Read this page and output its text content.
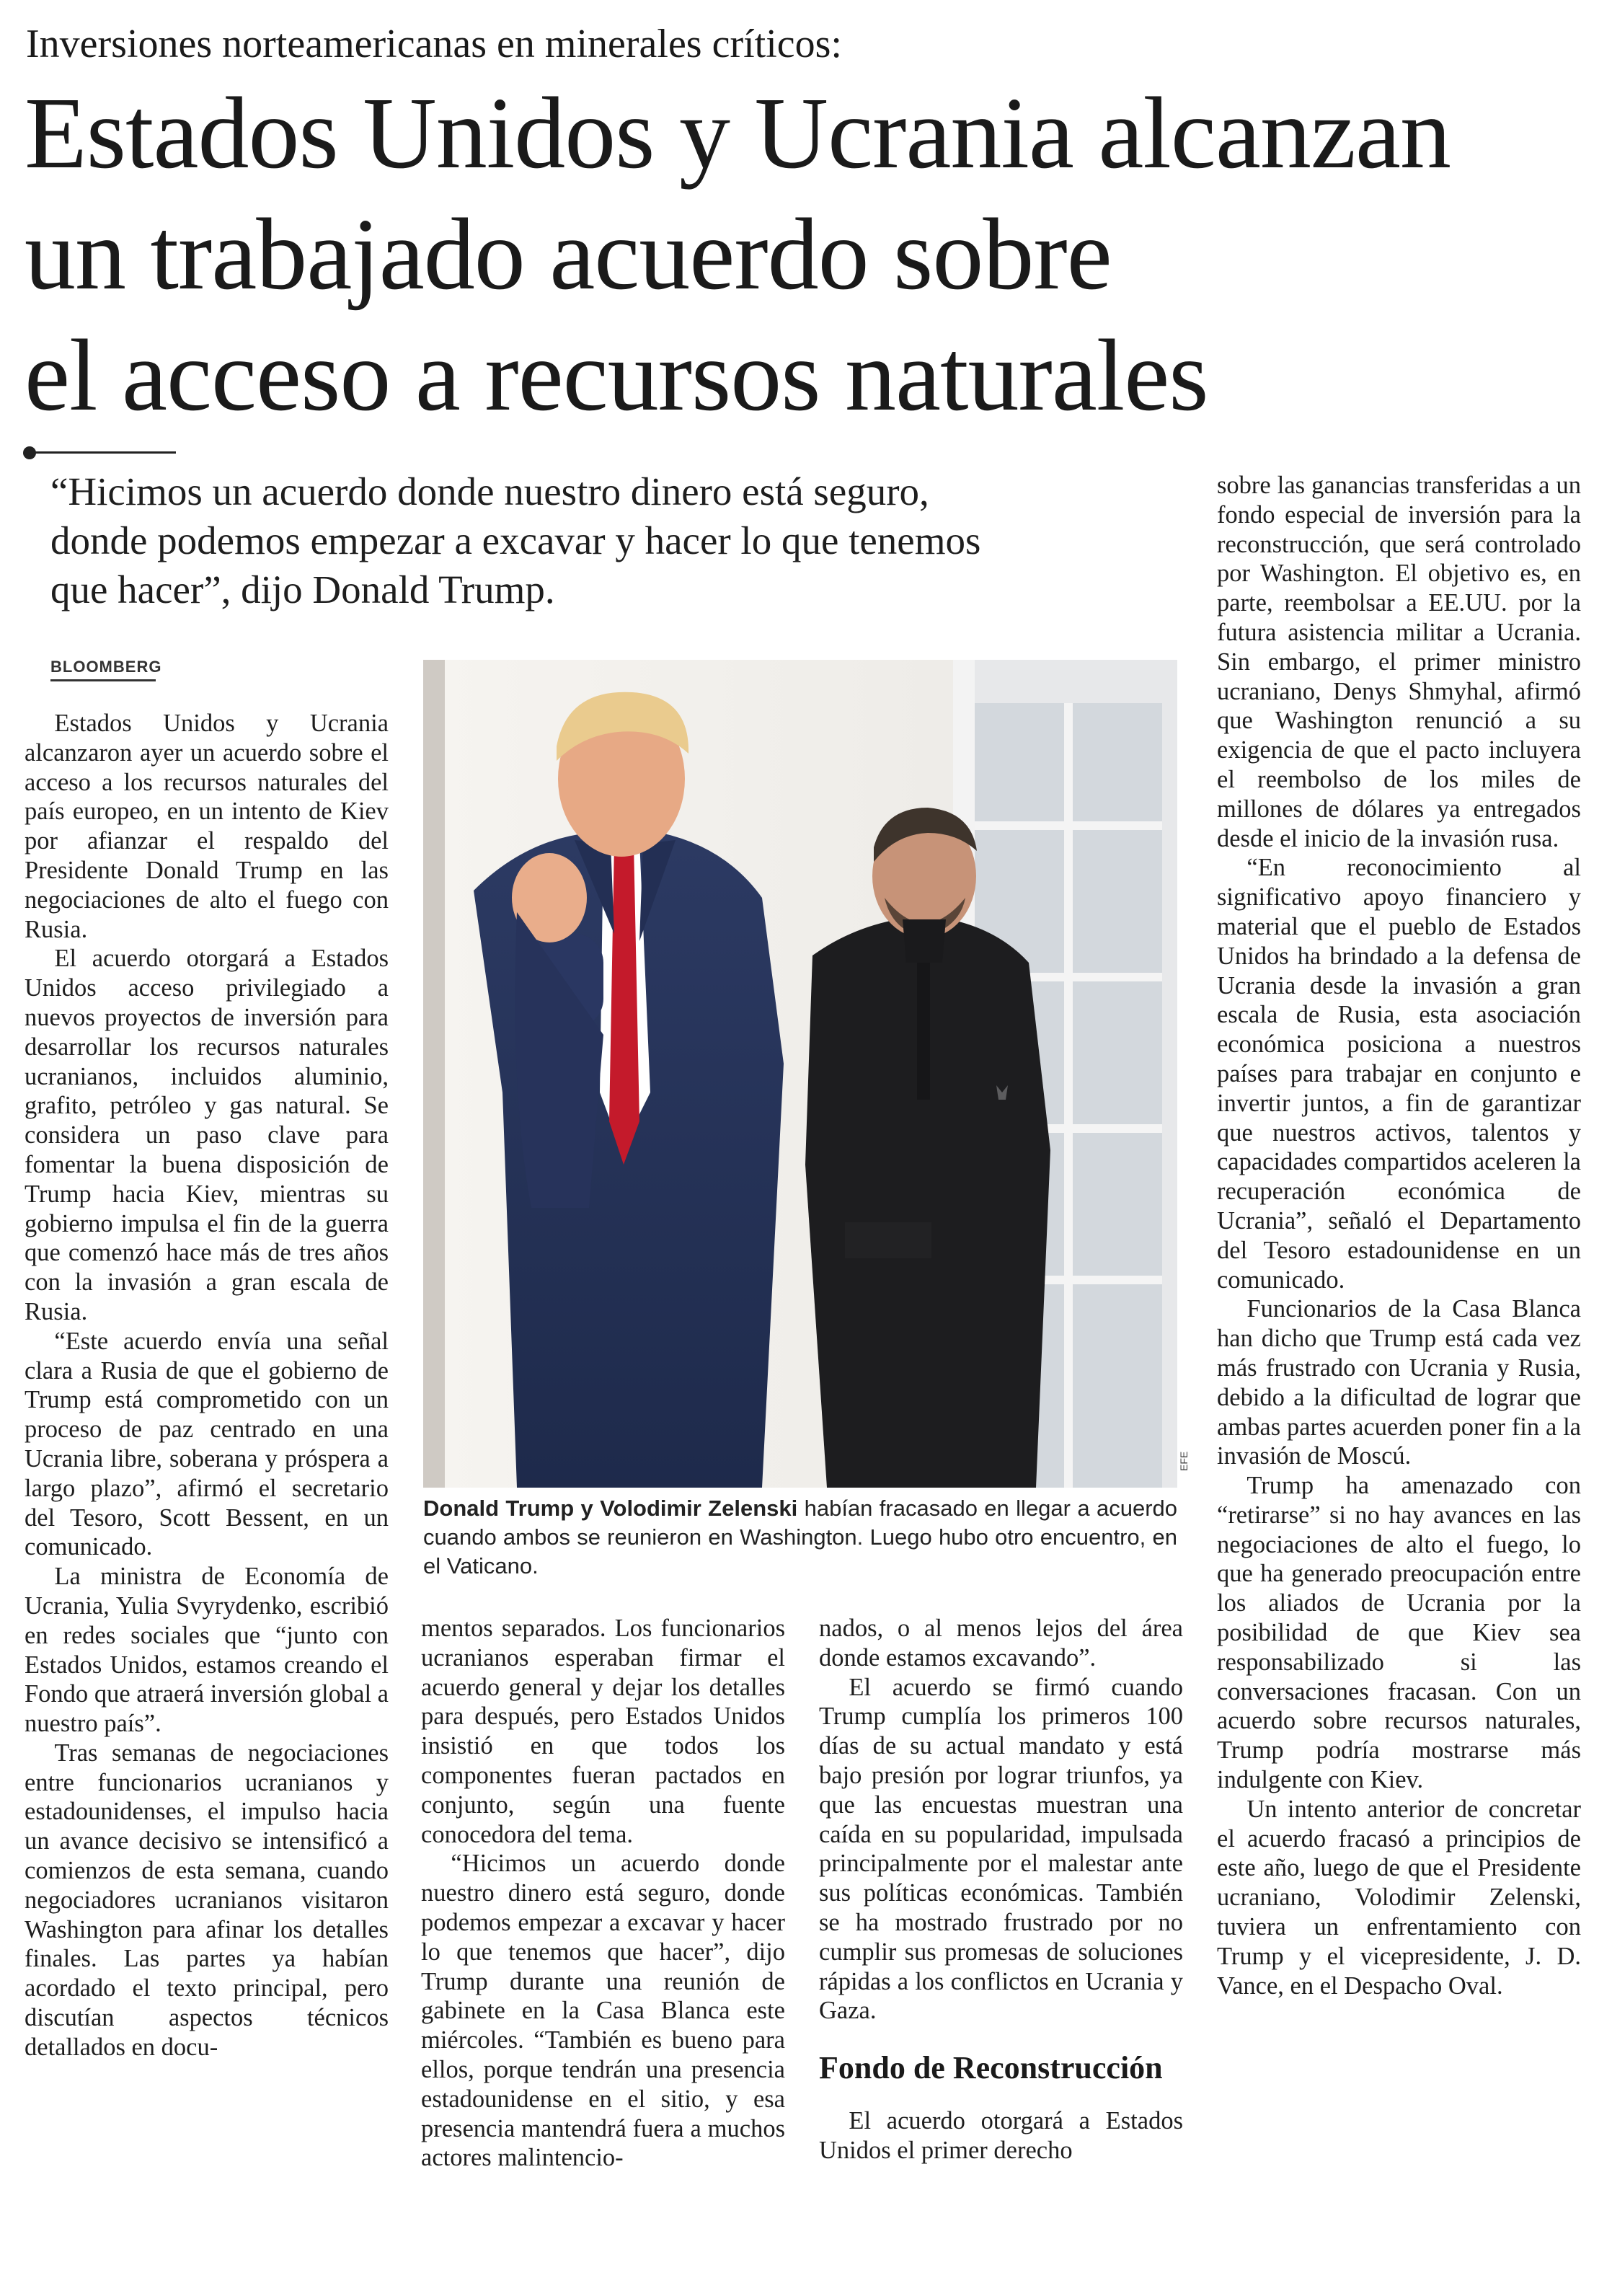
Inversiones norteamericanas en minerales críticos:
Estados Unidos y Ucrania alcanzan
un trabajado acuerdo sobre
el acceso a recursos naturales
“Hicimos un acuerdo donde nuestro dinero está seguro,
donde podemos empezar a excavar y hacer lo que tenemos
que hacer”, dijo Donald Trump.
BLOOMBERG

Estados Unidos y Ucrania alcanzaron ayer un acuerdo sobre el acceso a los recursos naturales del país europeo, en un intento de Kiev por afianzar el respaldo del Presidente Donald Trump en las negociaciones de alto el fuego con Rusia.

El acuerdo otorgará a Estados Unidos acceso privilegiado a nuevos proyectos de inversión para desarrollar los recursos naturales ucranianos, incluidos aluminio, grafito, petróleo y gas natural. Se considera un paso clave para fomentar la buena disposición de Trump hacia Kiev, mientras su gobierno impulsa el fin de la guerra que comenzó hace más de tres años con la invasión a gran escala de Rusia.

“Este acuerdo envía una señal clara a Rusia de que el gobierno de Trump está comprometido con un proceso de paz centrado en una Ucrania libre, soberana y próspera a largo plazo”, afirmó el secretario del Tesoro, Scott Bessent, en un comunicado.

La ministra de Economía de Ucrania, Yulia Svyrydenko, escribió en redes sociales que “junto con Estados Unidos, estamos creando el Fondo que atraerá inversión global a nuestro país”.

Tras semanas de negociaciones entre funcionarios ucranianos y estadounidenses, el impulso hacia un avance decisivo se intensificó a comienzos de esta semana, cuando negociadores ucranianos visitaron Washington para afinar los detalles finales. Las partes ya habían acordado el texto principal, pero discutían aspectos técnicos detallados en docu-

EFE
Donald Trump y Volodimir Zelenski habían fracasado en llegar a acuerdo cuando ambos se reunieron en Washington. Luego hubo otro encuentro, en el Vaticano.

mentos separados. Los funcionarios ucranianos esperaban firmar el acuerdo general y dejar los detalles para después, pero Estados Unidos insistió en que todos los componentes fueran pactados en conjunto, según una fuente conocedora del tema.

“Hicimos un acuerdo donde nuestro dinero está seguro, donde podemos empezar a excavar y hacer lo que tenemos que hacer”, dijo Trump durante una reunión de gabinete en la Casa Blanca este miércoles. “También es bueno para ellos, porque tendrán una presencia estadounidense en el sitio, y esa presencia mantendrá fuera a muchos actores malintencio-

nados, o al menos lejos del área donde estamos excavando”.

El acuerdo se firmó cuando Trump cumplía los primeros 100 días de su actual mandato y está bajo presión por lograr triunfos, ya que las encuestas muestran una caída en su popularidad, impulsada principalmente por el malestar ante sus políticas económicas. También se ha mostrado frustrado por no cumplir sus promesas de soluciones rápidas a los conflictos en Ucrania y Gaza.

Fondo de Reconstrucción

El acuerdo otorgará a Estados Unidos el primer derecho

sobre las ganancias transferidas a un fondo especial de inversión para la reconstrucción, que será controlado por Washington. El objetivo es, en parte, reembolsar a EE.UU. por la futura asistencia militar a Ucrania. Sin embargo, el primer ministro ucraniano, Denys Shmyhal, afirmó que Washington renunció a su exigencia de que el pacto incluyera el reembolso de los miles de millones de dólares ya entregados desde el inicio de la invasión rusa.

“En reconocimiento al significativo apoyo financiero y material que el pueblo de Estados Unidos ha brindado a la defensa de Ucrania desde la invasión a gran escala de Rusia, esta asociación económica posiciona a nuestros países para trabajar en conjunto e invertir juntos, a fin de garantizar que nuestros activos, talentos y capacidades compartidos aceleren la recuperación económica de Ucrania”, señaló el Departamento del Tesoro estadounidense en un comunicado.

Funcionarios de la Casa Blanca han dicho que Trump está cada vez más frustrado con Ucrania y Rusia, debido a la dificultad de lograr que ambas partes acuerden poner fin a la invasión de Moscú.

Trump ha amenazado con “retirarse” si no hay avances en las negociaciones de alto el fuego, lo que ha generado preocupación entre los aliados de Ucrania por la posibilidad de que Kiev sea responsabilizado si las conversaciones fracasan. Con un acuerdo sobre recursos naturales, Trump podría mostrarse más indulgente con Kiev.

Un intento anterior de concretar el acuerdo fracasó a principios de este año, luego de que el Presidente ucraniano, Volodimir Zelenski, tuviera un enfrentamiento con Trump y el vicepresidente, J. D. Vance, en el Despacho Oval.
